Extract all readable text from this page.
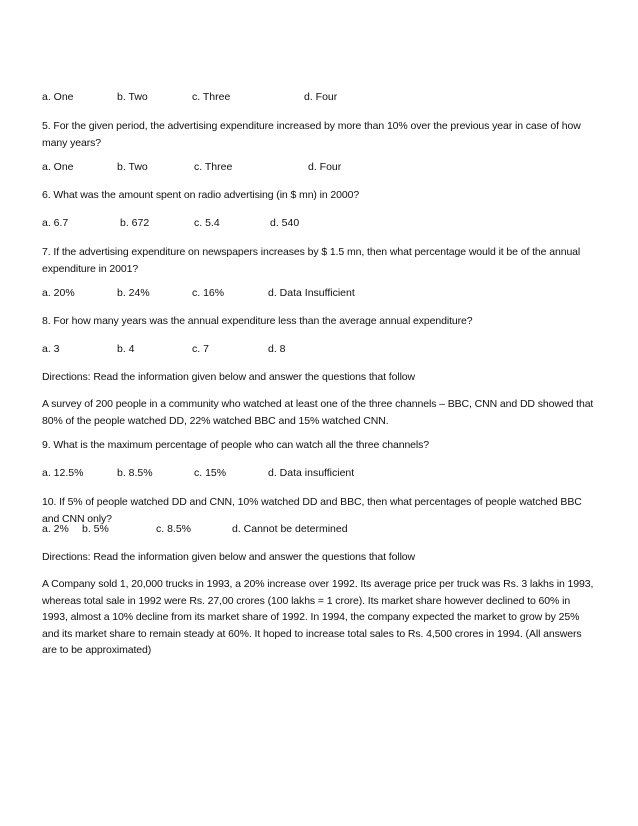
a. One	b. Two	c. Three	d. Four
5. For the given period, the advertising expenditure increased by more than 10% over the previous year in case of how many years?
a. One	b. Two	c. Three	d. Four
6. What was the amount spent on radio advertising (in $ mn) in 2000?
a. 6.7	b. 672	c. 5.4	d. 540
7. If the advertising expenditure on newspapers increases by $ 1.5 mn, then what percentage would it be of the annual expenditure in 2001?
a. 20%	b. 24%	c. 16%	d. Data Insufficient
8. For how many years was the annual expenditure less than the average annual expenditure?
a. 3	b. 4	c. 7	d. 8
Directions: Read the information given below and answer the questions that follow
A survey of 200 people in a community who watched at least one of the three channels – BBC, CNN and DD showed that 80% of the people watched DD, 22% watched BBC and 15% watched CNN.
9. What is the maximum percentage of people who can watch all the three channels?
a. 12.5%	b. 8.5%	c. 15%	d. Data insufficient
10. If 5% of people watched DD and CNN, 10% watched DD and BBC, then what percentages of people watched BBC and CNN only?
a. 2% b. 5%	c. 8.5%	d. Cannot be determined
Directions: Read the information given below and answer the questions that follow
A Company sold 1, 20,000 trucks in 1993, a 20% increase over 1992. Its average price per truck was Rs. 3 lakhs in 1993, whereas total sale in 1992 were Rs. 27,00 crores (100 lakhs = 1 crore). Its market share however declined to 60% in 1993, almost a 10% decline from its market share of 1992. In 1994, the company expected the market to grow by 25% and its market share to remain steady at 60%. It hoped to increase total sales to Rs. 4,500 crores in 1994. (All answers are to be approximated)
